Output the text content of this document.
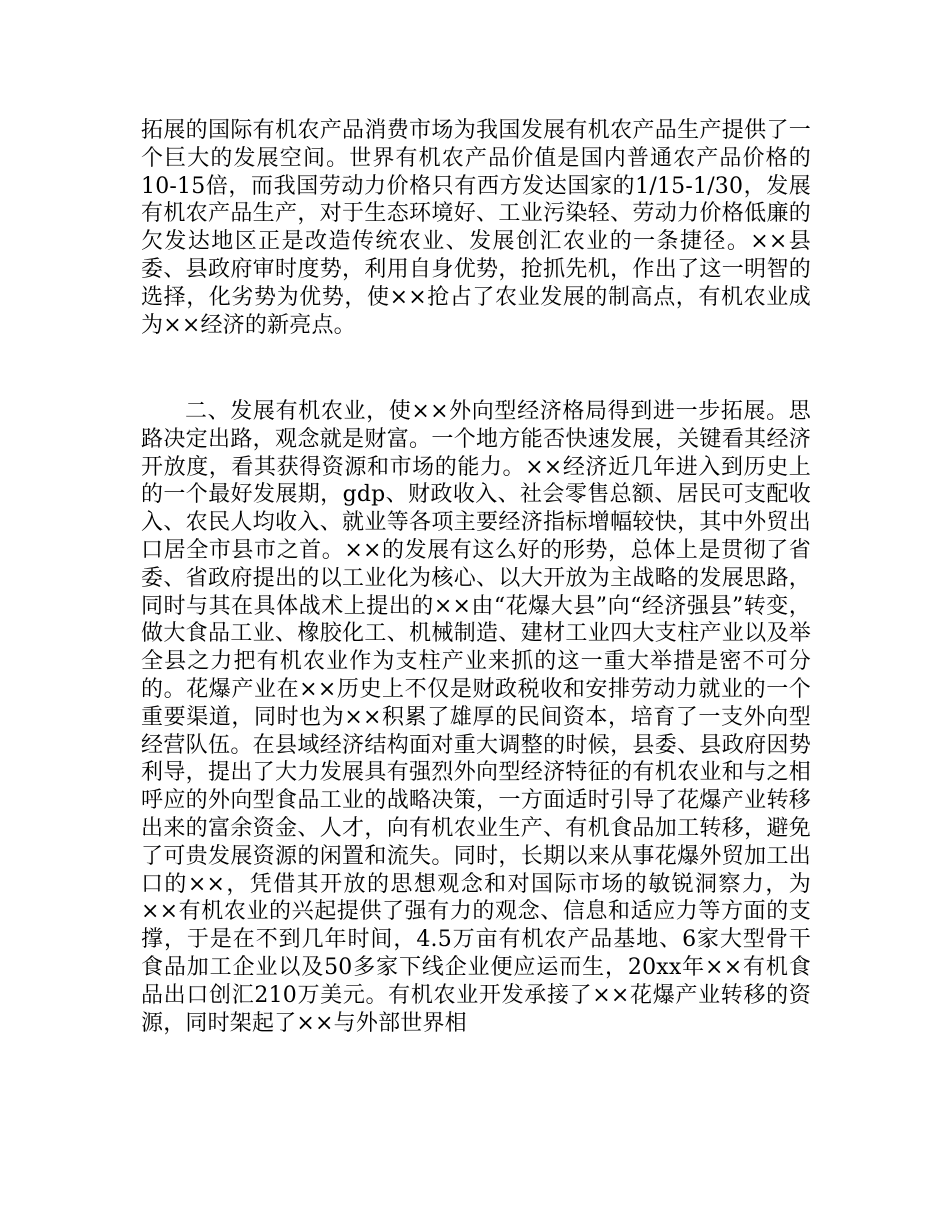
拓展的国际有机农产品消费市场为我国发展有机农产品生产提供了一个巨大的发展空间。世界有机农产品价值是国内普通农产品价格的10-15倍，而我国劳动力价格只有西方发达国家的1/15-1/30，发展有机农产品生产，对于生态环境好、工业污染轻、劳动力价格低廉的欠发达地区正是改造传统农业、发展创汇农业的一条捷径。××县委、县政府审时度势，利用自身优势，抢抓先机，作出了这一明智的选择，化劣势为优势，使××抢占了农业发展的制高点，有机农业成为××经济的新亮点。

二、发展有机农业，使××外向型经济格局得到进一步拓展。思路决定出路，观念就是财富。一个地方能否快速发展，关键看其经济开放度，看其获得资源和市场的能力。××经济近几年进入到历史上的一个最好发展期，gdp、财政收入、社会零售总额、居民可支配收入、农民人均收入、就业等各项主要经济指标增幅较快，其中外贸出口居全市县市之首。××的发展有这么好的形势，总体上是贯彻了省委、省政府提出的以工业化为核心、以大开放为主战略的发展思路，同时与其在具体战术上提出的××由“花爆大县”向“经济强县”转变，做大食品工业、橡胶化工、机械制造、建材工业四大支柱产业以及举全县之力把有机农业作为支柱产业来抓的这一重大举措是密不可分的。花爆产业在××历史上不仅是财政税收和安排劳动力就业的一个重要渠道，同时也为××积累了雄厚的民间资本，培育了一支外向型经营队伍。在县域经济结构面对重大调整的时候，县委、县政府因势利导，提出了大力发展具有强烈外向型经济特征的有机农业和与之相呼应的外向型食品工业的战略决策，一方面适时引导了花爆产业转移出来的富余资金、人才，向有机农业生产、有机食品加工转移，避免了可贵发展资源的闲置和流失。同时，长期以来从事花爆外贸加工出口的××，凭借其开放的思想观念和对国际市场的敏锐洞察力，为××有机农业的兴起提供了强有力的观念、信息和适应力等方面的支撑，于是在不到几年时间，4.5万亩有机农产品基地、6家大型骨干食品加工企业以及50多家下线企业便应运而生，20xx年××有机食品出口创汇210万美元。有机农业开发承接了××花爆产业转移的资源，同时架起了××与外部世界相
